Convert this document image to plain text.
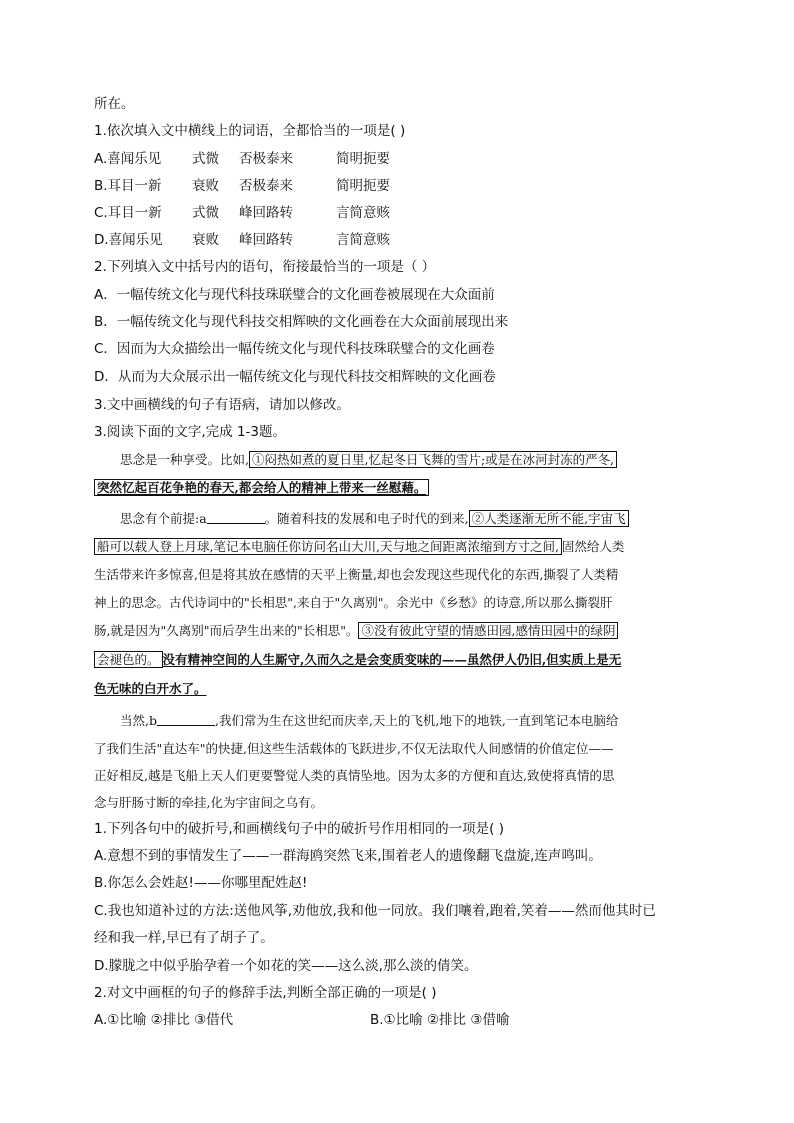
所在。
1.依次填入文中横线上的词语，全都恰当的一项是( )
A.喜闻乐见 式微 否极泰来	简明扼要
B.耳目一新 衰败 否极泰来	简明扼要
C.耳目一新 式微 峰回路转	言简意赅
D.喜闻乐见 衰败 峰回路转	言简意赅
2.下列填入文中括号内的语句，衔接最恰当的一项是（ ）
A．一幅传统文化与现代科技珠联璧合的文化画卷被展现在大众面前
B．一幅传统文化与现代科技交相辉映的文化画卷在大众面前展现出来
C．因而为大众描绘出一幅传统文化与现代科技珠联璧合的文化画卷
D．从而为大众展示出一幅传统文化与现代科技交相辉映的文化画卷
3.文中画横线的句子有语病，请加以修改。
3.阅读下面的文字,完成 1-3题。
思念是一种享受。比如, ①闷热如煮的夏日里,忆起冬日飞舞的雪片;或是在冰河封冻的严冬,
突然忆起百花争艳的春天,都会给人的精神上带来一丝慰藉。
思念有个前提:a	。随着科技的发展和电子时代的到来, ②人类逐渐无所不能,宇宙飞
船可以载人登上月球,笔记本电脑任你访问名山大川,天与地之间距离浓缩到方寸之间, 固然给人类
生活带来许多惊喜,但是将其放在感情的天平上衡量,却也会发现这些现代化的东西,撕裂了人类精
神上的思念。古代诗词中的"长相思",来自于"久离别"。余光中《乡愁》的诗意,所以那么撕裂肝
肠,就是因为"久离别"而后孕生出来的"长相思"。 ③没有彼此守望的情感田园,感情田园中的绿阴
会褪色的。 没有精神空间的人生厮守,久而久之是会变质变味的——虽然伊人仍旧,但实质上是无
色无味的白开水了。
当然,b	,我们常为生在这世纪而庆幸,天上的飞机,地下的地铁,一直到笔记本电脑给
了我们生活"直达车"的快捷,但这些生活载体的飞跃进步,不仅无法取代人间感情的价值定位——
正好相反,越是飞船上天人们更要警觉人类的真情坠地。因为太多的方便和直达,致使将真情的思
念与肝肠寸断的牵挂,化为宇宙间之乌有。
1.下列各句中的破折号,和画横线句子中的破折号作用相同的一项是( )
A.意想不到的事情发生了——一群海鸥突然飞来,围着老人的遗像翻飞盘旋,连声鸣叫。
B.你怎么会姓赵!——你哪里配姓赵!
C.我也知道补过的方法:送他风筝,劝他放,我和他一同放。我们嚷着,跑着,笑着——然而他其时已
经和我一样,早已有了胡子了。
D.朦胧之中似乎胎孕着一个如花的笑——这么淡,那么淡的倩笑。
2.对文中画框的句子的修辞手法,判断全部正确的一项是( )
A.①比喻 ②排比 ③借代	B.①比喻 ②排比 ③借喻
